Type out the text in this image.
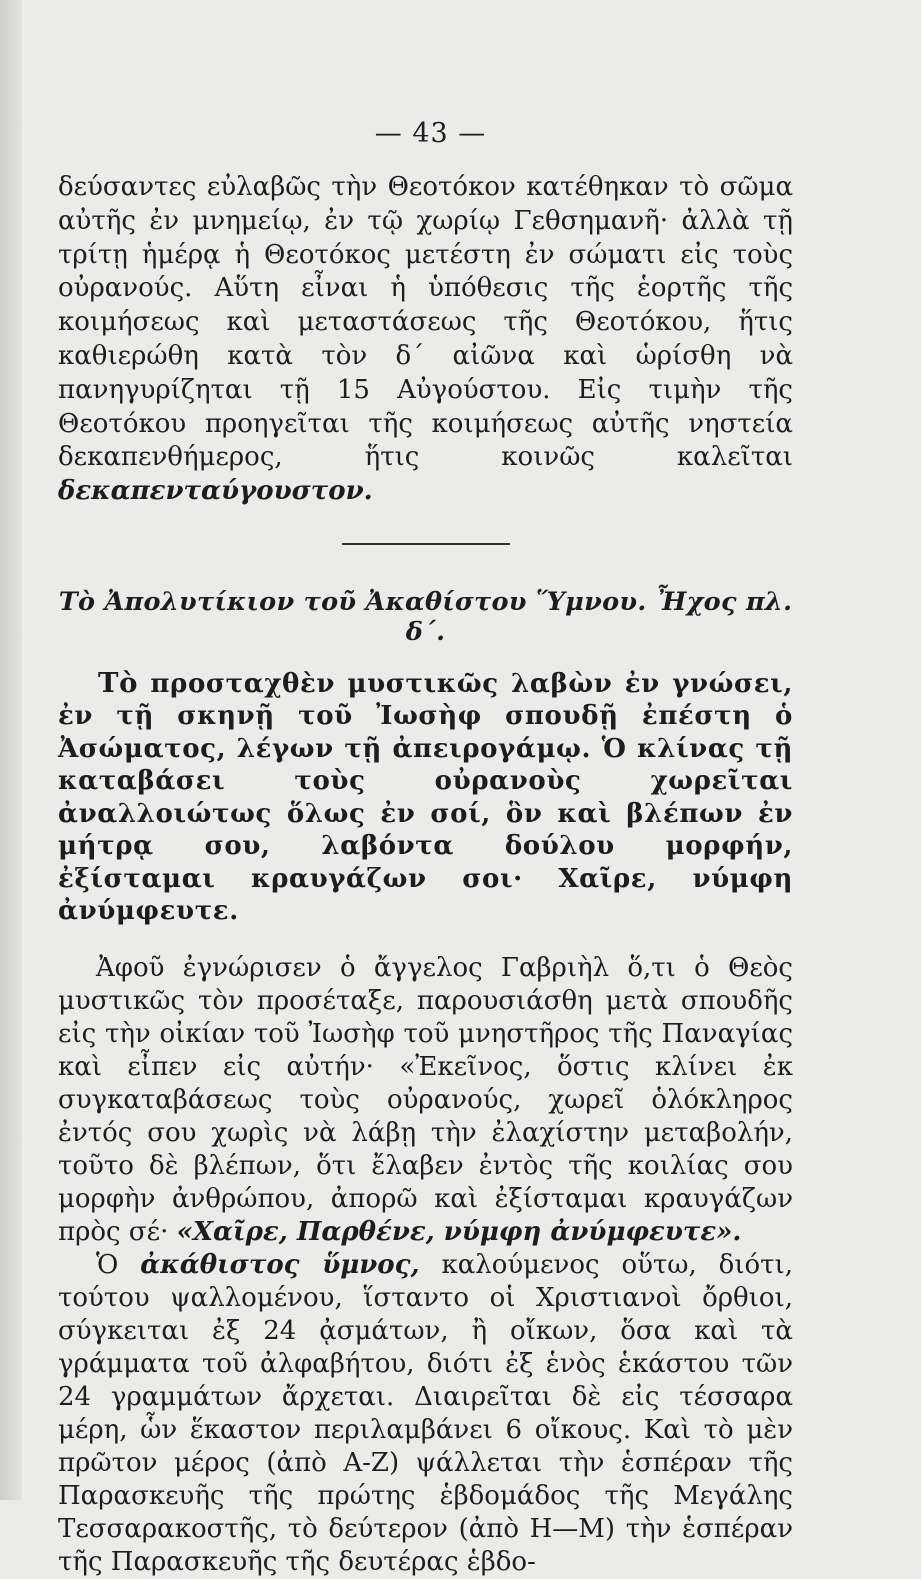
— 43 —

δεύσαντες εὐλαβῶς τὴν Θεοτόκον κατέθηκαν τὸ σῶμα αὐτῆς ἐν μνημείῳ, ἐν τῷ χωρίῳ Γεθσημανῆ· ἀλλὰ τῇ τρίτῃ ἡμέρᾳ ἡ Θεοτόκος μετέστη ἐν σώματι εἰς τοὺς οὐρανούς. Αὕτη εἶναι ἡ ὑπόθεσις τῆς ἑορτῆς τῆς κοιμήσεως καὶ μεταστάσεως τῆς Θεοτόκου, ἥτις καθιερώθη κατὰ τὸν δ΄ αἰῶνα καὶ ὡρίσθη νὰ πανηγυρίζηται τῇ 15 Αὐγούστου. Εἰς τιμὴν τῆς Θεοτόκου προηγεῖται τῆς κοιμήσεως αὐτῆς νηστεία δεκαπενθήμερος, ἥτις κοινῶς καλεῖται δεκαπενταύγουστον.

Τὸ Ἀπολυτίκιον τοῦ Ἀκαθίστου Ὕμνου. Ἦχος πλ. δ΄.

Τὸ προσταχθὲν μυστικῶς λαβὼν ἐν γνώσει, ἐν τῇ σκηνῇ τοῦ Ἰωσὴφ σπουδῇ ἐπέστη ὁ Ἀσώματος, λέγων τῇ ἀπειρογάμῳ. Ὁ κλίνας τῇ καταβάσει τοὺς οὐρανοὺς χωρεῖται ἀναλλοιώτως ὅλως ἐν σοί, ὃν καὶ βλέπων ἐν μήτρᾳ σου, λαβόντα δούλου μορφήν, ἐξίσταμαι κραυγάζων σοι· Χαῖρε, νύμφη ἀνύμφευτε.

Ἀφοῦ ἐγνώρισεν ὁ ἄγγελος Γαβριὴλ ὅ,τι ὁ Θεὸς μυστικῶς τὸν προσέταξε, παρουσιάσθη μετὰ σπουδῆς εἰς τὴν οἰκίαν τοῦ Ἰωσὴφ τοῦ μνηστῆρος τῆς Παναγίας καὶ εἶπεν εἰς αὐτήν· «Ἐκεῖνος, ὅστις κλίνει ἐκ συγκαταβάσεως τοὺς οὐρανούς, χωρεῖ ὁλόκληρος ἐντός σου χωρὶς νὰ λάβῃ τὴν ἐλαχίστην μεταβολήν, τοῦτο δὲ βλέπων, ὅτι ἔλαβεν ἐντὸς τῆς κοιλίας σου μορφὴν ἀνθρώπου, ἀπορῶ καὶ ἐξίσταμαι κραυγάζων πρὸς σέ· «Χαῖρε, Παρθένε, νύμφη ἀνύμφευτε».

Ὁ ἀκάθιστος ὕμνος, καλούμενος οὕτω, διότι, τούτου ψαλλομένου, ἵσταντο οἱ Χριστιανοὶ ὄρθιοι, σύγκειται ἐξ 24 ᾀσμάτων, ἢ οἴκων, ὅσα καὶ τὰ γράμματα τοῦ ἀλφαβήτου, διότι ἐξ ἑνὸς ἑκάστου τῶν 24 γραμμάτων ἄρχεται. Διαιρεῖται δὲ εἰς τέσσαρα μέρη, ὧν ἕκαστον περιλαμβάνει 6 οἴκους. Καὶ τὸ μὲν πρῶτον μέρος (ἀπὸ Α-Ζ) ψάλλεται τὴν ἑσπέραν τῆς Παρασκευῆς τῆς πρώτης ἑβδομάδος τῆς Μεγάλης Τεσσαρακοστῆς, τὸ δεύτερον (ἀπὸ Η—Μ) τὴν ἑσπέραν τῆς Παρασκευῆς τῆς δευτέρας ἑβδο-
